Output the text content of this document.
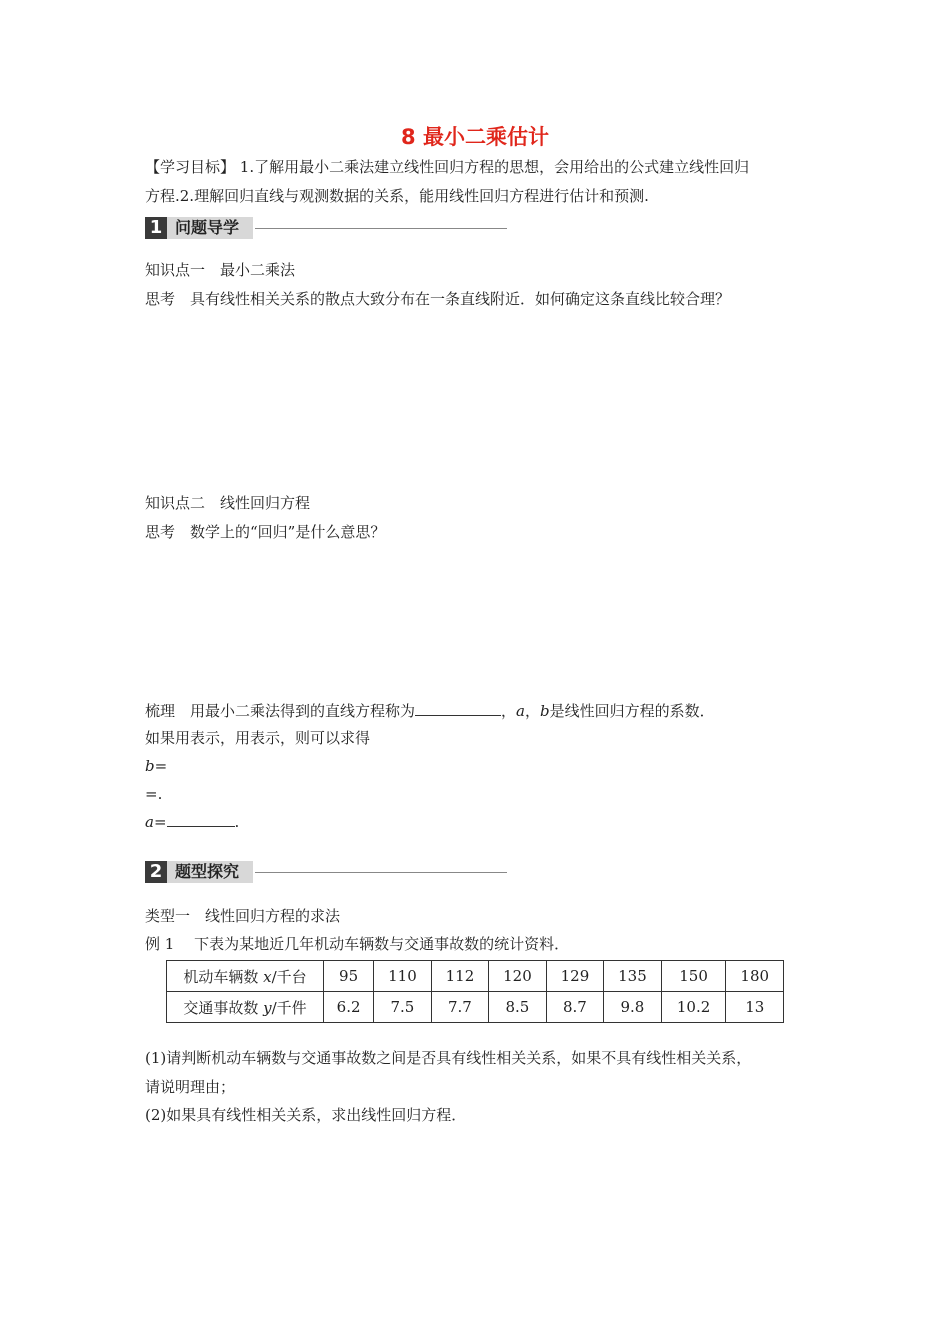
8 最小二乘估计
【学习目标】 1.了解用最小二乘法建立线性回归方程的思想，会用给出的公式建立线性回归
方程.2.理解回归直线与观测数据的关系，能用线性回归方程进行估计和预测.
1 问题导学
知识点一　最小二乘法
思考　具有线性相关关系的散点大致分布在一条直线附近．如何确定这条直线比较合理？
知识点二　线性回归方程
思考　数学上的“回归”是什么意思？
梳理　用最小二乘法得到的直线方程称为	，a，b是线性回归方程的系数．
如果用表示，用表示，则可以求得
b=
=.
a=	.
2 题型探究
类型一　线性回归方程的求法
例 1　 下表为某地近几年机动车辆数与交通事故数的统计资料．
机动车辆数 x/千台	95	110	112	120	129	135	150	180
交通事故数 y/千件	6.2	7.5	7.7	8.5	8.7	9.8	10.2	13
(1)请判断机动车辆数与交通事故数之间是否具有线性相关关系，如果不具有线性相关关系，
请说明理由；
(2)如果具有线性相关关系，求出线性回归方程．
